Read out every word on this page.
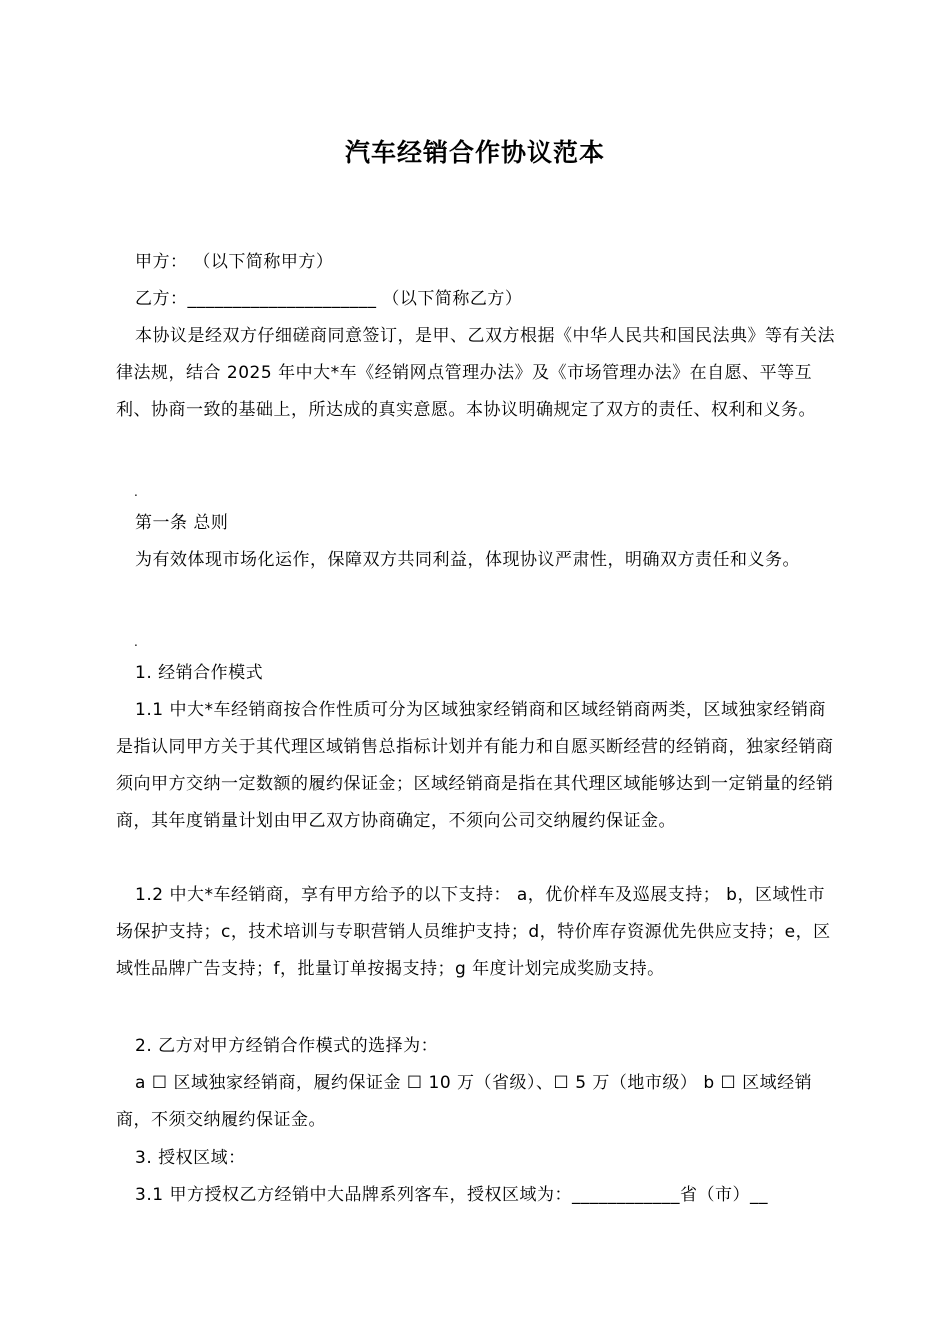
汽车经销合作协议范本

甲方： （以下简称甲方）

乙方：_____________________ （以下简称乙方）

本协议是经双方仔细磋商同意签订，是甲、乙双方根据《中华人民共和国民法典》等有关法律法规，结合 2025 年中大*车《经销网点管理办法》及《市场管理办法》在自愿、平等互利、协商一致的基础上，所达成的真实意愿。本协议明确规定了双方的责任、权利和义务。

.

第一条 总则

为有效体现市场化运作，保障双方共同利益，体现协议严肃性，明确双方责任和义务。

.

1. 经销合作模式

1.1 中大*车经销商按合作性质可分为区域独家经销商和区域经销商两类，区域独家经销商是指认同甲方关于其代理区域销售总指标计划并有能力和自愿买断经营的经销商，独家经销商须向甲方交纳一定数额的履约保证金；区域经销商是指在其代理区域能够达到一定销量的经销商，其年度销量计划由甲乙双方协商确定，不须向公司交纳履约保证金。

1.2 中大*车经销商，享有甲方给予的以下支持： a，优价样车及巡展支持； b，区域性市场保护支持；c，技术培训与专职营销人员维护支持；d，特价库存资源优先供应支持；e，区域性品牌广告支持；f，批量订单按揭支持；g 年度计划完成奖励支持。

2. 乙方对甲方经销合作模式的选择为：

a ☐ 区域独家经销商，履约保证金 ☐ 10 万（省级）、☐ 5 万（地市级） b ☐ 区域经销商，不须交纳履约保证金。

3. 授权区域：

3.1 甲方授权乙方经销中大品牌系列客车，授权区域为：____________省（市）__
